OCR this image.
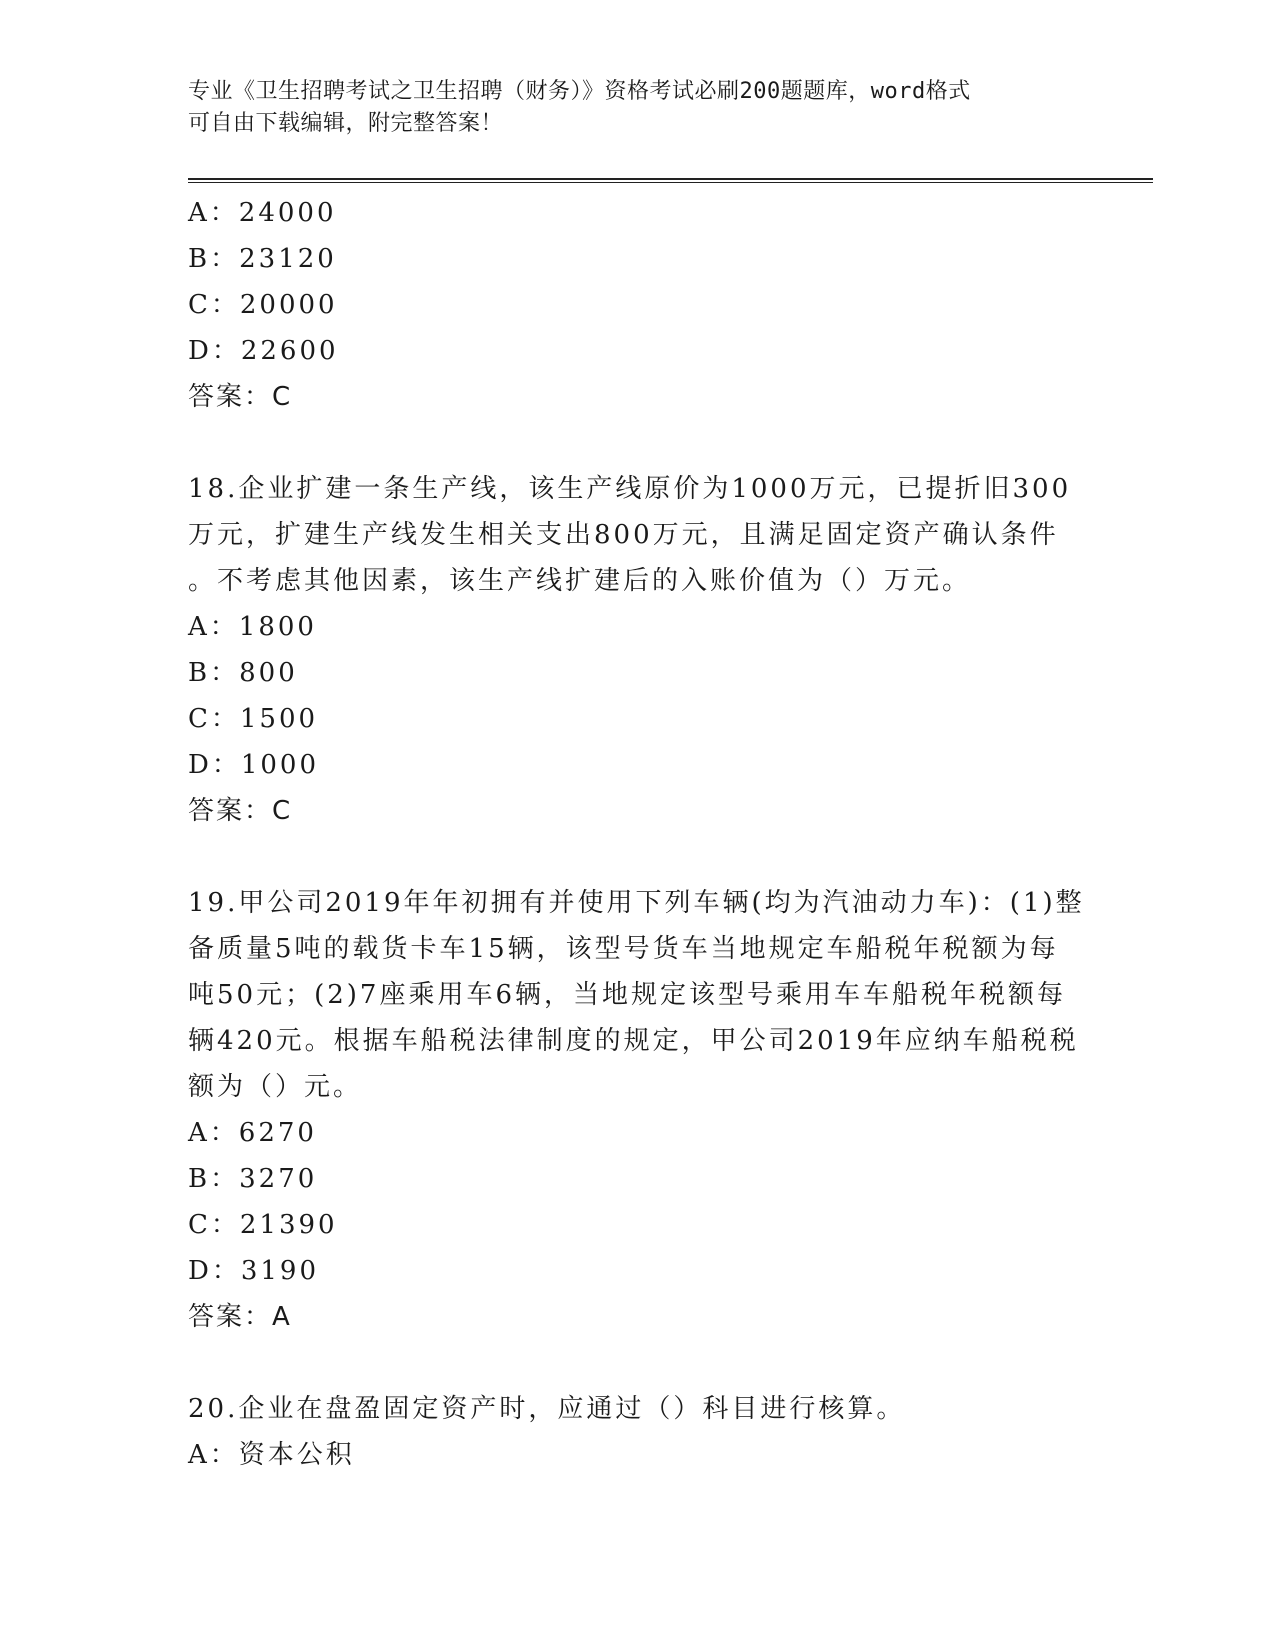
专业《卫生招聘考试之卫生招聘（财务）》资格考试必刷200题题库，word格式
可自由下载编辑，附完整答案！
A：24000
B：23120
C：20000
D：22600
答案：C
18.企业扩建一条生产线，该生产线原价为1000万元，已提折旧300
万元，扩建生产线发生相关支出800万元，且满足固定资产确认条件
。不考虑其他因素，该生产线扩建后的入账价值为（）万元。
A：1800
B：800
C：1500
D：1000
答案：C
19.甲公司2019年年初拥有并使用下列车辆(均为汽油动力车)：(1)整
备质量5吨的载货卡车15辆，该型号货车当地规定车船税年税额为每
吨50元；(2)7座乘用车6辆，当地规定该型号乘用车车船税年税额每
辆420元。根据车船税法律制度的规定，甲公司2019年应纳车船税税
额为（）元。
A：6270
B：3270
C：21390
D：3190
答案：A
20.企业在盘盈固定资产时，应通过（）科目进行核算。
A：资本公积
